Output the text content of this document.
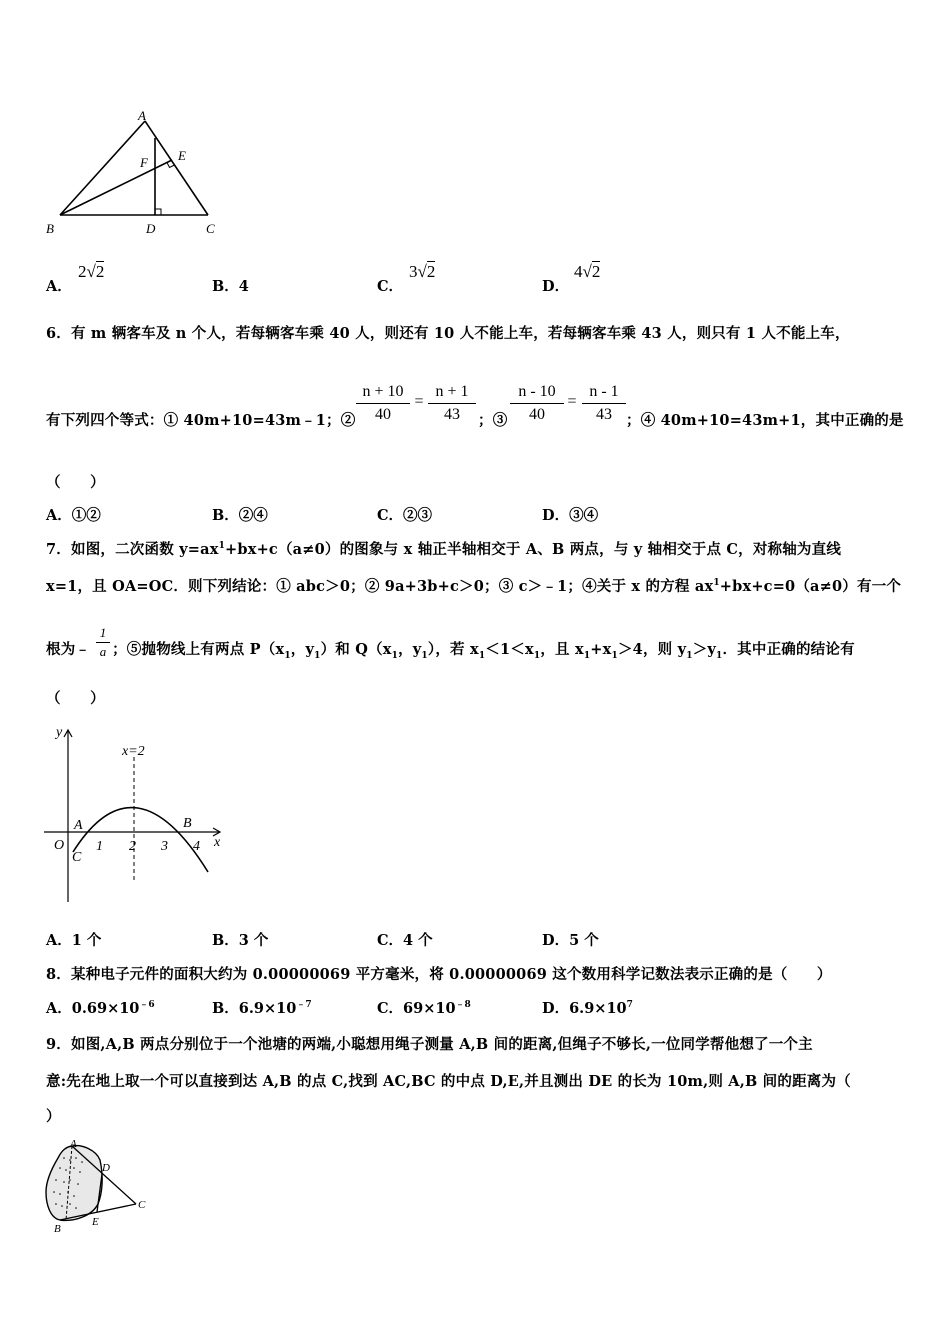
A
B	C
D
E
F
A．
2√2
B．4	C．
3√2
D．
4√2
6．有 m 辆客车及 n 个人，若每辆客车乘 40 人，则还有 10 人不能上车，若每辆客车乘 43 人，则只有 1 人不能上车，
有下列四个等式：① 40m+10=43m﹣1；②
n + 10
40
=
n + 1
43	；③
n - 10
40
=
n - 1
43 ；④ 40m+10=43m+1，其中正确的是
（　　）
A．①②	B．②④	C．②③	D．③④
7．如图，二次函数 $y=ax^1+bx+c(a\ne 0)$的图象与 x 轴正半轴相交于 A、B 两点，与 y 轴相交于点 C，对称轴为直线
x=1，且 OA=OC．则下列结论：① abc＞0；② 9a+3b+c＞0；③ c＞﹣1；④关于 x 的方程 $ax^1+bx+c=0(a\ne 0)$有一个
根为﹣ ；⑤抛物线上有两点 $P(x_1$，$y_1$）和 $Q(x_1$，$y_1$），若 $x_1<1<x_1$，且 $x_1+x_1>4$，则 $y_1>y_1$．其中正确的结论有
1
a
（　　）
y
x
x=2
O
A	B
C
1 2 3 4
A．1 个	B．3 个	C．4 个	D．5 个
8．某种电子元件的面积大约为 0.00000069 平方毫米，将 0.00000069 这个数用科学记数法表示正确的是（　　）
A．$0.69\times 10^{﹣6}$	B．$6.9\times 10^{﹣7}$	C．$69\times 10^{﹣8}$	D．$6.9\times 10^7$
9．如图,A,B 两点分别位于一个池塘的两端,小聪想用绳子测量 A,B 间的距离,但绳子不够长,一位同学帮他想了一个主
意:先在地上取一个可以直接到达 A,B 的点 C,找到 AC,BC 的中点 D,E,并且测出 DE 的长为 10m,则 A,B 间的距离为（
）
A
B
C
D
E
